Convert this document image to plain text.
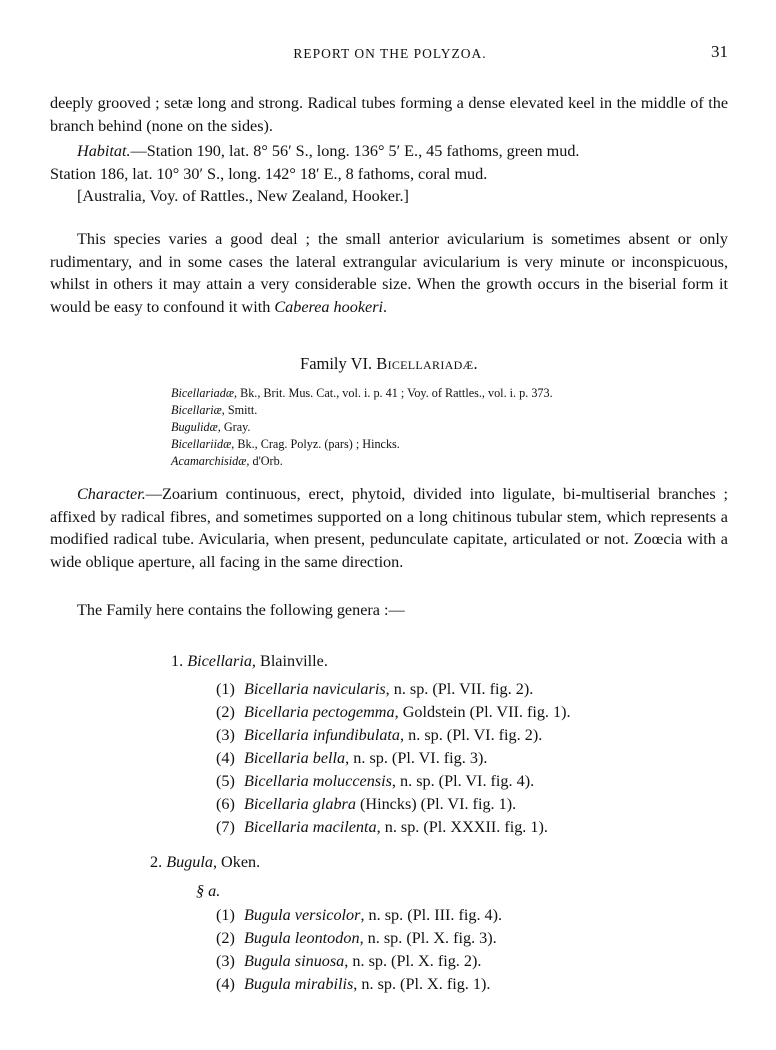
REPORT ON THE POLYZOA.	31

deeply grooved ; setæ long and strong. Radical tubes forming a dense elevated keel in the middle of the branch behind (none on the sides).

Habitat.—Station 190, lat. 8° 56′ S., long. 136° 5′ E., 45 fathoms, green mud.
Station 186, lat. 10° 30′ S., long. 142° 18′ E., 8 fathoms, coral mud.
[Australia, Voy. of Rattles., New Zealand, Hooker.]

This species varies a good deal ; the small anterior avicularium is sometimes absent or only rudimentary, and in some cases the lateral extrangular avicularium is very minute or inconspicuous, whilst in others it may attain a very considerable size. When the growth occurs in the biserial form it would be easy to confound it with Caberea hookeri.

Family VI. Bicellariadæ.
Bicellariadæ, Bk., Brit. Mus. Cat., vol. i. p. 41 ; Voy. of Rattles., vol. i. p. 373.
Bicellariæ, Smitt.
Bugulidæ, Gray.
Bicellariidæ, Bk., Crag. Polyz. (pars) ; Hincks.
Acamarchisidæ, d'Orb.

Character.—Zoarium continuous, erect, phytoid, divided into ligulate, bi-multiserial branches ; affixed by radical fibres, and sometimes supported on a long chitinous tubular stem, which represents a modified radical tube. Avicularia, when present, pedunculate capitate, articulated or not. Zoœcia with a wide oblique aperture, all facing in the same direction.

The Family here contains the following genera :—

1. Bicellaria, Blainville.
(1) Bicellaria navicularis, n. sp. (Pl. VII. fig. 2).
(2) Bicellaria pectogemma, Goldstein (Pl. VII. fig. 1).
(3) Bicellaria infundibulata, n. sp. (Pl. VI. fig. 2).
(4) Bicellaria bella, n. sp. (Pl. VI. fig. 3).
(5) Bicellaria moluccensis, n. sp. (Pl. VI. fig. 4).
(6) Bicellaria glabra (Hincks) (Pl. VI. fig. 1).
(7) Bicellaria macilenta, n. sp. (Pl. XXXII. fig. 1).
2. Bugula, Oken.
§ a.
(1) Bugula versicolor, n. sp. (Pl. III. fig. 4).
(2) Bugula leontodon, n. sp. (Pl. X. fig. 3).
(3) Bugula sinuosa, n. sp. (Pl. X. fig. 2).
(4) Bugula mirabilis, n. sp. (Pl. X. fig. 1).
